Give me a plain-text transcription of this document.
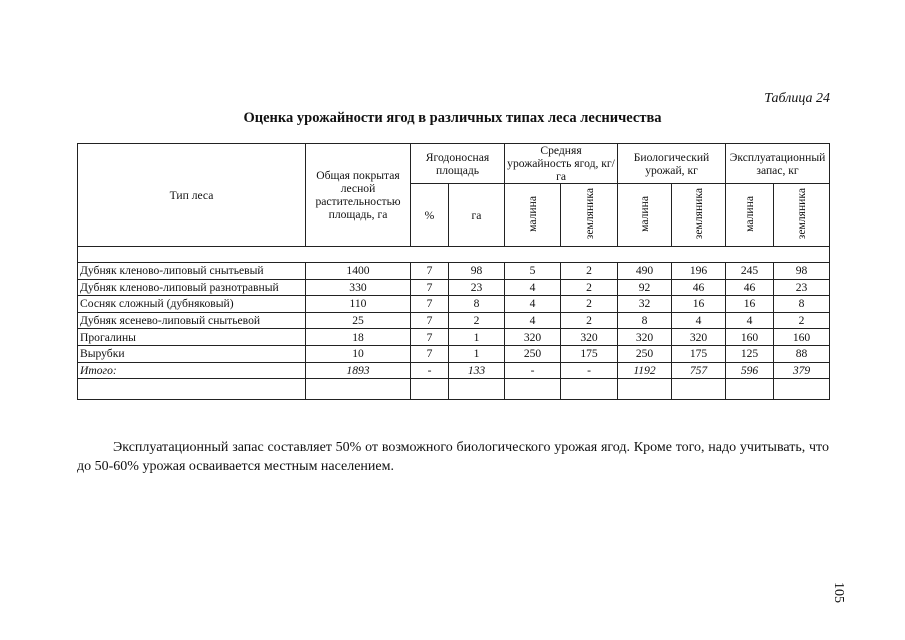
Таблица 24
Оценка урожайности ягод в различных типах леса лесничества
Тип леса	Общая покрытая лесной растительностью площадь, га	Ягодоносная площадь		Средняя урожайность ягод, кг/га		Биологический урожай, кг		Эксплуатационный запас, кг	
		%	га	малина	земляника	малина	земляника	малина	земляника

Дубняк кленово-липовый снытьевый	1400	7	98	5	2	490	196	245	98
Дубняк кленово-липовый разнотравный	330	7	23	4	2	92	46	46	23
Сосняк сложный (дубняковый)	110	7	8	4	2	32	16	16	8
Дубняк ясенево-липовый снытьевой	25	7	2	4	2	8	4	4	2
Прогалины	18	7	1	320	320	320	320	160	160
Вырубки	10	7	1	250	175	250	175	125	88
Итого:	1893	-	133	-	-	1192	757	596	379

Эксплуатационный запас составляет 50% от возможного биологического урожая ягод. Кроме того, надо учитывать, что до 50-60% урожая осваивается местным населением.

105
